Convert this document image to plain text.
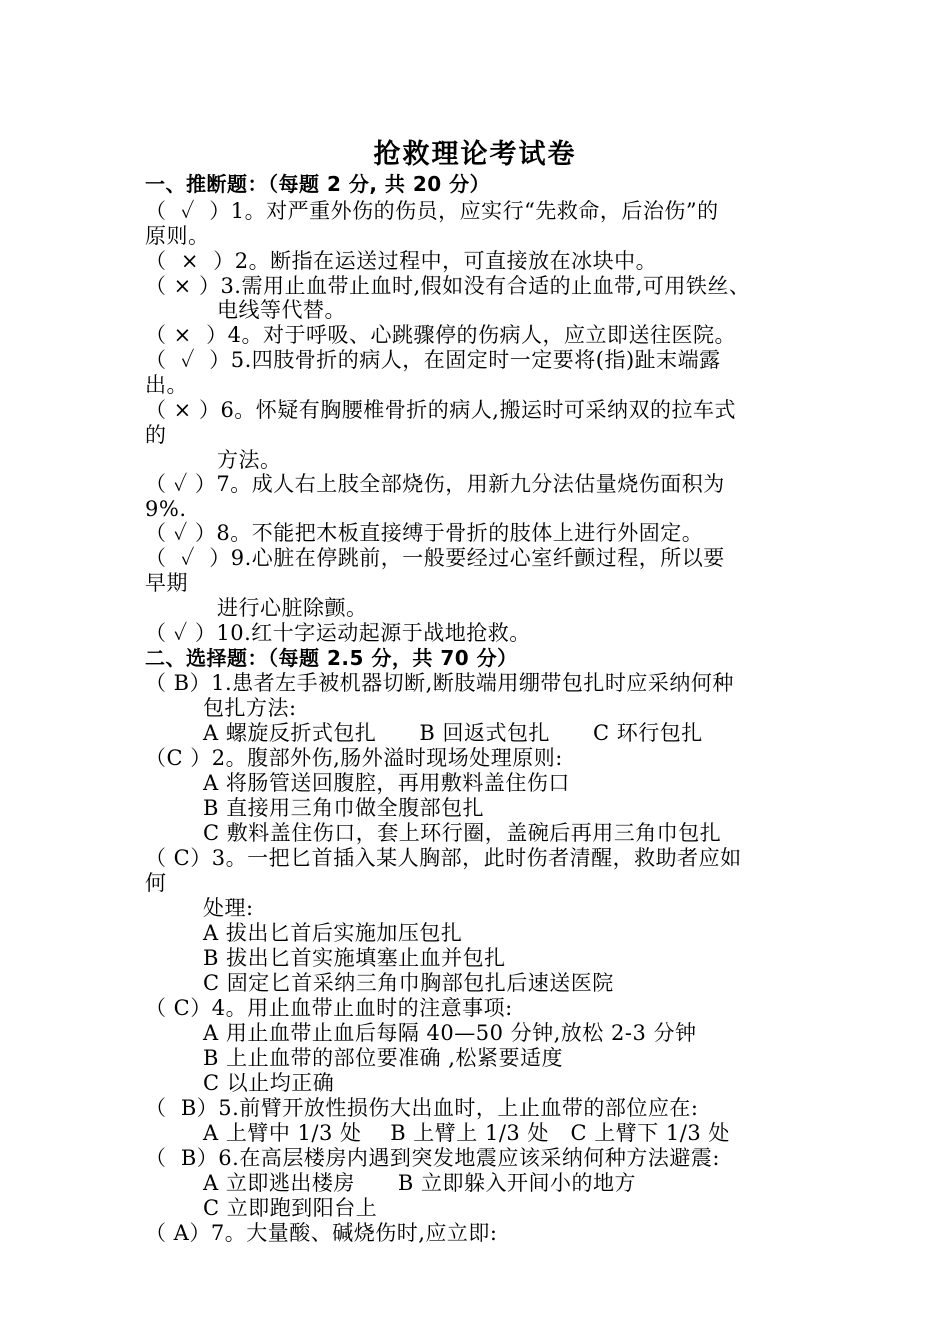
抢救理论考试卷
一、推断题：（每题 2 分, 共 20 分）
（  ✓  ）1。对严重外伤的伤员，应实行“先救命，后治伤”的
原则。
（  ×  ）2。断指在运送过程中，可直接放在冰块中。
（ × ）3.需用止血带止血时,假如没有合适的止血带,可用铁丝、
电线等代替。
（ ×  ）4。对于呼吸、心跳骤停的伤病人，应立即送往医院。
（  ✓  ）5.四肢骨折的病人，在固定时一定要将(指)趾末端露
出。
（ × ）6。怀疑有胸腰椎骨折的病人,搬运时可采纳双的拉车式
的
方法。
（ ✓ ）7。成人右上肢全部烧伤，用新九分法估量烧伤面积为
9%.
（ ✓ ）8。不能把木板直接缚于骨折的肢体上进行外固定。
（  ✓  ）9.心脏在停跳前，一般要经过心室纤颤过程，所以要
早期
进行心脏除颤。
（ ✓ ）10.红十字运动起源于战地抢救。
二、选择题：（每题 2.5 分，共 70 分）
（ B）1.患者左手被机器切断,断肢端用绷带包扎时应采纳何种
包扎方法:
A 螺旋反折式包扎      B 回返式包扎      C 环行包扎
（C ）2。腹部外伤,肠外溢时现场处理原则:
A 将肠管送回腹腔，再用敷料盖住伤口
B 直接用三角巾做全腹部包扎
C 敷料盖住伤口，套上环行圈，盖碗后再用三角巾包扎
（ C）3。一把匕首插入某人胸部，此时伤者清醒，救助者应如
何
处理:
A 拔出匕首后实施加压包扎
B 拔出匕首实施填塞止血并包扎
C 固定匕首采纳三角巾胸部包扎后速送医院
（ C）4。用止血带止血时的注意事项:
A 用止血带止血后每隔 40—50 分钟,放松 2-3 分钟
B 上止血带的部位要准确 ,松紧要适度
C 以止均正确
（  B）5.前臂开放性损伤大出血时，上止血带的部位应在:
A 上臂中 1/3 处    B 上臂上 1/3 处   C 上臂下 1/3 处
（  B）6.在高层楼房内遇到突发地震应该采纳何种方法避震:
A 立即逃出楼房      B 立即躲入开间小的地方
C 立即跑到阳台上
（ A）7。大量酸、碱烧伤时,应立即:
